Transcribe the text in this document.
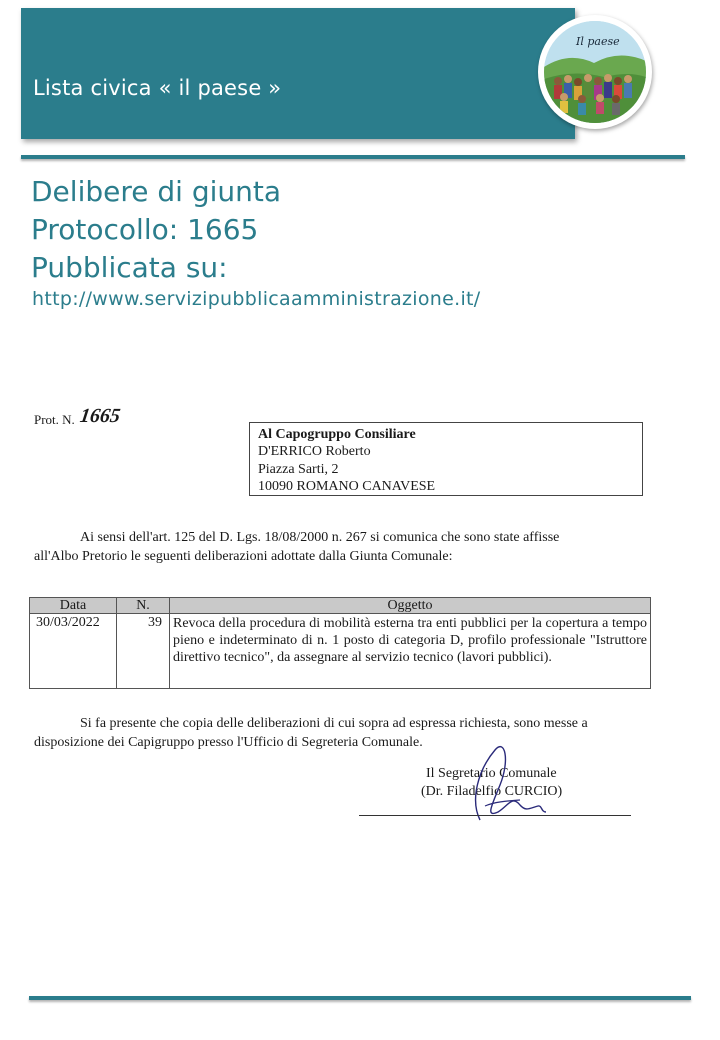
Lista civica « il paese »
Il paese
Delibere di giunta
Protocollo: 1665
Pubblicata su:
http://www.servizipubblicaamministrazione.it/
Prot. N. 1665
Al Capogruppo Consiliare
D'ERRICO Roberto
Piazza Sarti, 2
10090 ROMANO CANAVESE
Ai sensi dell'art. 125 del D. Lgs. 18/08/2000 n. 267 si comunica che sono state affisse
all'Albo Pretorio le seguenti deliberazioni adottate dalla Giunta Comunale:
Data	N.	Oggetto
30/03/2022	39 Revoca della procedura di mobilità esterna tra enti pubblici per la copertura a tempo pieno e indeterminato di n. 1 posto di categoria D, profilo professionale "Istruttore direttivo tecnico", da assegnare al servizio tecnico (lavori pubblici).
Si fa presente che copia delle deliberazioni di cui sopra ad espressa richiesta, sono messe a
disposizione dei Capigruppo presso l'Ufficio di Segreteria Comunale.
Il Segretario Comunale
(Dr. Filadelfio CURCIO)
